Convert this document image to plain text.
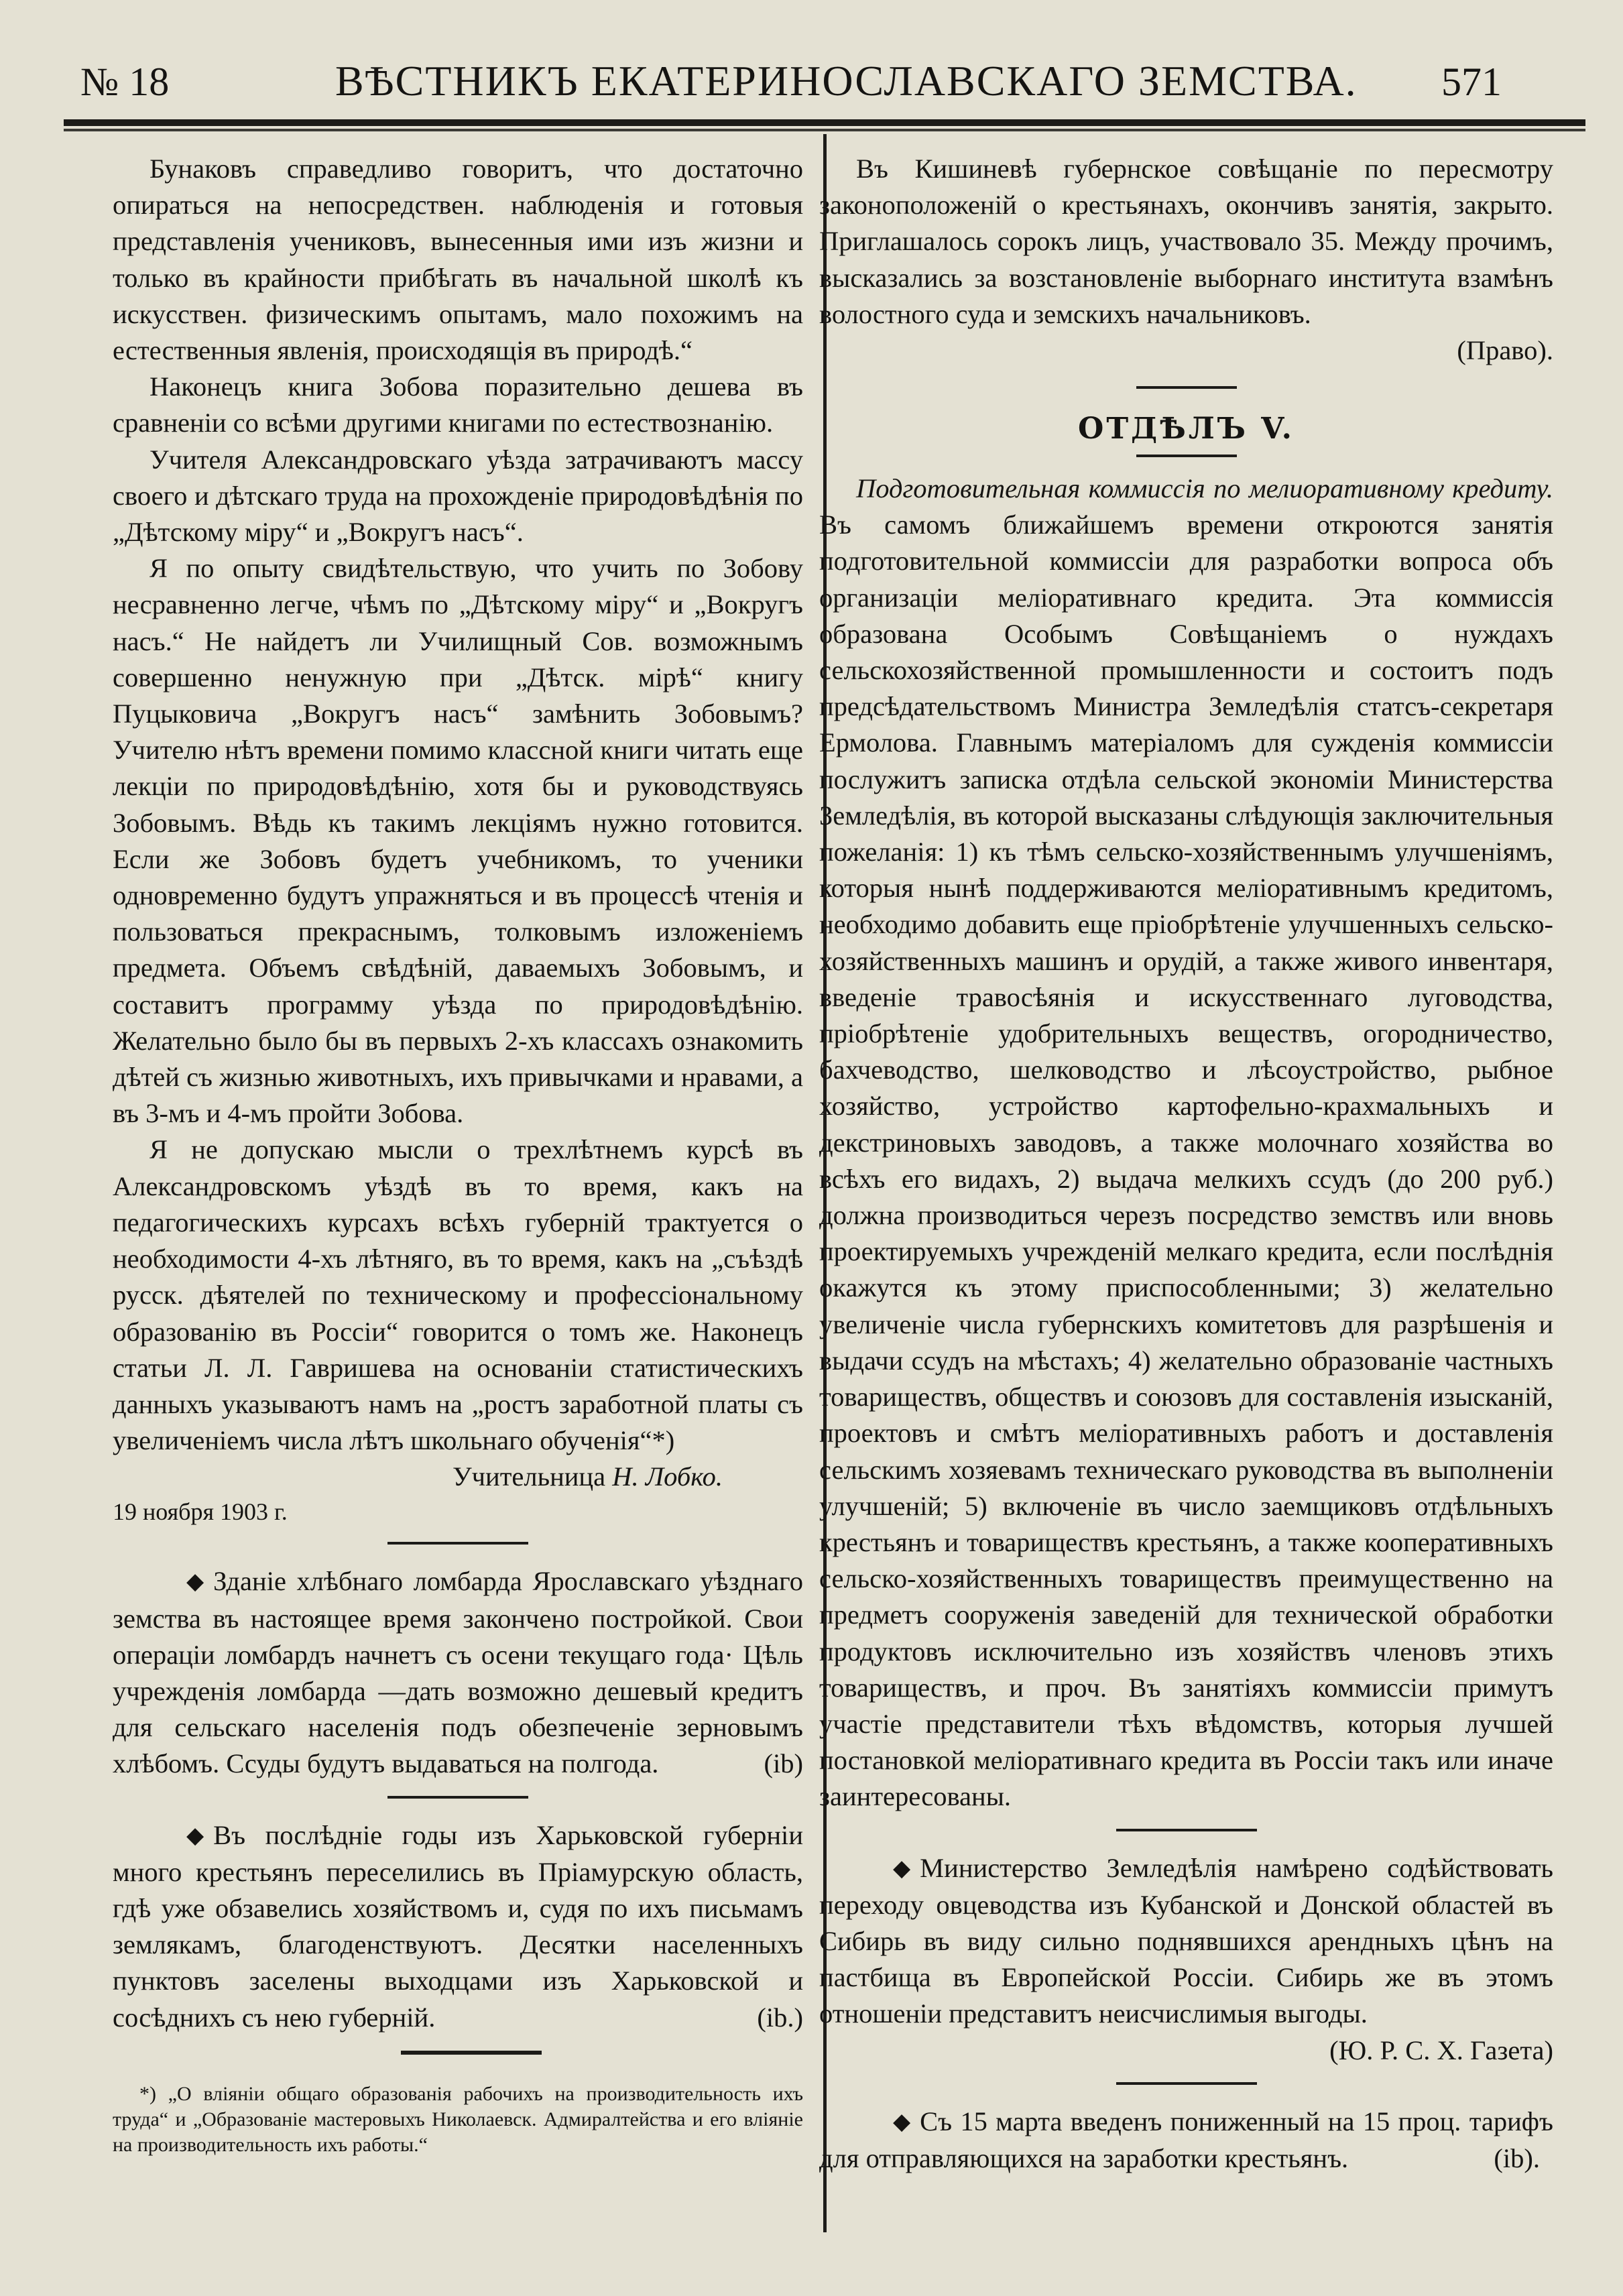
№ 18	ВѢСТНИКЪ ЕКАТЕРИНОСЛАВСКАГО ЗЕМСТВА. 571

Бунаковъ справедливо говоритъ, что достаточно опираться на непосредствен. наблюденія и готовыя представленія учениковъ, вынесенныя ими изъ жизни и только въ крайности прибѣгать въ начальной школѣ къ искусствен. физическимъ опытамъ, мало похожимъ на естественныя явленія, происходящія въ природѣ.“

Наконецъ книга Зобова поразительно дешева въ сравненіи со всѣми другими книгами по естествознанію.

Учителя Александровскаго уѣзда затрачиваютъ массу своего и дѣтскаго труда на прохожденіе природовѣдѣнія по „Дѣтскому міру“ и „Вокругъ насъ“.

Я по опыту свидѣтельствую, что учить по Зобову несравненно легче, чѣмъ по „Дѣтскому міру“ и „Вокругъ насъ.“ Не найдетъ ли Училищный Сов. возможнымъ совершенно ненужную при „Дѣтск. мірѣ“ книгу Пуцыковича „Вокругъ насъ“ замѣнить Зобовымъ? Учителю нѣтъ времени помимо классной книги читать еще лекціи по природовѣдѣнію, хотя бы и руководствуясь Зобовымъ. Вѣдь къ такимъ лекціямъ нужно готовится. Если же Зобовъ будетъ учебникомъ, то ученики одновременно будутъ упражняться и въ процессѣ чтенія и пользоваться прекраснымъ, толковымъ изложеніемъ предмета. Объемъ свѣдѣній, даваемыхъ Зобовымъ, и составитъ программу уѣзда по природовѣдѣнію. Желательно было бы въ первыхъ 2-хъ классахъ ознакомить дѣтей съ жизнью животныхъ, ихъ привычками и нравами, а въ 3-мъ и 4-мъ пройти Зобова.

Я не допускаю мысли о трехлѣтнемъ курсѣ въ Александровскомъ уѣздѣ въ то время, какъ на педагогическихъ курсахъ всѣхъ губерній трактуется о необходимости 4-хъ лѣтняго, въ то время, какъ на „съѣздѣ русск. дѣятелей по техническому и профессіональному образованію въ Россіи“ говорится о томъ же. Наконецъ статьи Л. Л. Гавришева на основаніи статистическихъ данныхъ указываютъ намъ на „ростъ заработной платы съ увеличеніемъ числа лѣтъ школьнаго обученія“*)

Учительница Н. Лобко.
19 ноября 1903 г.

◆ Зданіе хлѣбнаго ломбарда Ярославскаго уѣзднаго земства въ настоящее время закончено постройкой. Свои операціи ломбардъ начнетъ съ осени текущаго года· Цѣль учрежденія ломбарда —дать возможно дешевый кредитъ для сельскаго населенія подъ обезпеченіе зерновымъ хлѣбомъ. Ссуды будутъ выдаваться на полгода.	(ib)

◆ Въ послѣдніе годы изъ Харьковской губерніи много крестьянъ переселились въ Пріамурскую область, гдѣ уже обзавелись хозяйствомъ и, судя по ихъ письмамъ землякамъ, благоденствуютъ. Десятки населенныхъ пунктовъ заселены выходцами изъ Харьковской и сосѣднихъ съ нею губерній.	(ib.)

*) „О вліяніи общаго образованія рабочихъ на производительность ихъ труда“ и „Образованіе мастеровыхъ Николаевск. Адмиралтейства и его вліяніе на производительность ихъ работы.“

Въ Кишиневѣ губернское совѣщаніе по пересмотру законоположеній о крестьянахъ, окончивъ занятія, закрыто. Приглашалось сорокъ лицъ, участвовало 35. Между прочимъ, высказались за возстановленіе выборнаго института взамѣнъ волостного суда и земскихъ начальниковъ.

(Право).
ОТДѢЛЪ V.

Подготовительная коммиссія по мелиоративному кредиту. Въ самомъ ближайшемъ времени откроются занятія подготовительной коммиссіи для разработки вопроса объ организаціи меліоративнаго кредита. Эта коммиссія образована Особымъ Совѣщаніемъ о нуждахъ сельскохозяйственной промышленности и состоитъ подъ предсѣдательствомъ Министра Земледѣлія статсъ-секретаря Ермолова. Главнымъ матеріаломъ для сужденія коммиссіи послужитъ записка отдѣла сельской экономіи Министерства Земледѣлія, въ которой высказаны слѣдующія заключительныя пожеланія: 1) къ тѣмъ сельско-хозяйственнымъ улучшеніямъ, которыя нынѣ поддерживаются меліоративнымъ кредитомъ, необходимо добавить еще пріобрѣтеніе улучшенныхъ сельско-хозяйственныхъ машинъ и орудій, а также живого инвентаря, введеніе травосѣянія и искусственнаго луговодства, пріобрѣтеніе удобрительныхъ веществъ, огородничество, бахчеводство, шелководство и лѣсоустройство, рыбное хозяйство, устройство картофельно-крахмальныхъ и декстриновыхъ заводовъ, а также молочнаго хозяйства во всѣхъ его видахъ, 2) выдача мелкихъ ссудъ (до 200 руб.) должна производиться черезъ посредство земствъ или вновь проектируемыхъ учрежденій мелкаго кредита, если послѣднія окажутся къ этому приспособленными; 3) желательно увеличеніе числа губернскихъ комитетовъ для разрѣшенія и выдачи ссудъ на мѣстахъ; 4) желательно образованіе частныхъ товариществъ, обществъ и союзовъ для составленія изысканій, проектовъ и смѣтъ меліоративныхъ работъ и доставленія сельскимъ хозяевамъ техническаго руководства въ выполненіи улучшеній; 5) включеніе въ число заемщиковъ отдѣльныхъ крестьянъ и товариществъ крестьянъ, а также кооперативныхъ сельско-хозяйственныхъ товариществъ преимущественно на предметъ сооруженія заведеній для технической обработки продуктовъ исключительно изъ хозяйствъ членовъ этихъ товариществъ, и проч. Въ занятіяхъ коммиссіи примутъ участіе представители тѣхъ вѣдомствъ, которыя лучшей постановкой меліоративнаго кредита въ Россіи такъ или иначе заинтересованы.

◆ Министерство Земледѣлія намѣрено содѣйствовать переходу овцеводства изъ Кубанской и Донской областей въ Сибирь въ виду сильно поднявшихся арендныхъ цѣнъ на пастбища въ Европейской Россіи. Сибирь же въ этомъ отношеніи представитъ неисчислимыя выгоды.

(Ю. Р. С. Х. Газета)

◆ Съ 15 марта введенъ пониженный на 15 проц. тарифъ для отправляющихся на заработки крестьянъ.	(ib).
